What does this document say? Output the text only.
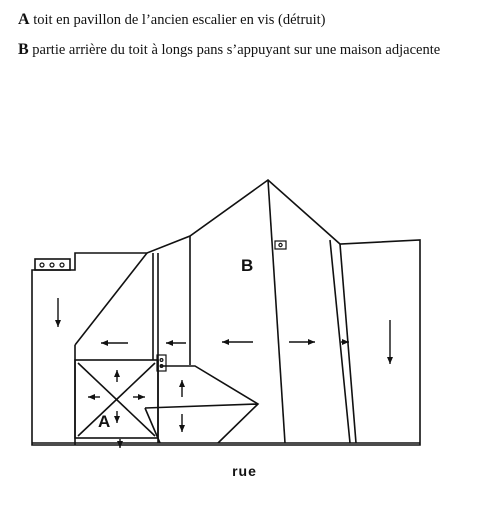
A toit en pavillon de l’ancien escalier en vis (détruit)
B partie arrière du toit à longs pans s’appuyant sur une maison adjacente
B
A
rue
